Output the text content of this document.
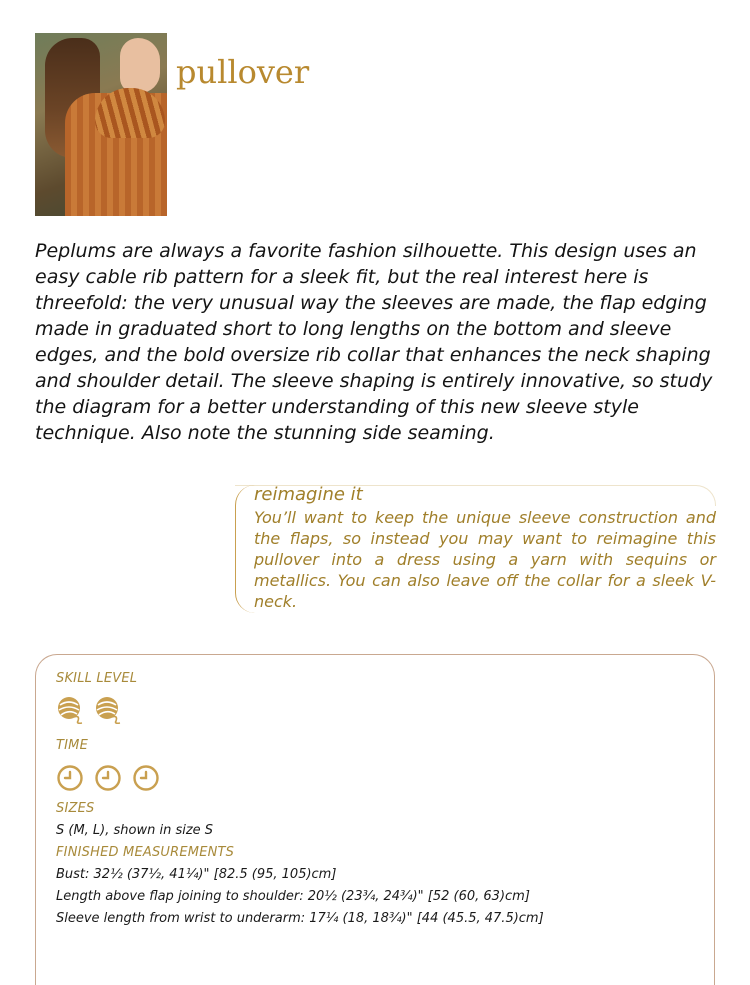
pullover

Peplums are always a favorite fashion silhouette. This design uses an easy cable rib pattern for a sleek fit, but the real interest here is threefold: the very unusual way the sleeves are made, the flap edging made in graduated short to long lengths on the bottom and sleeve edges, and the bold oversize rib collar that enhances the neck shaping and shoulder detail. The sleeve shaping is entirely innovative, so study the diagram for a better understanding of this new sleeve style technique. Also note the stunning side seaming.

reimagine it

You’ll want to keep the unique sleeve construction and the flaps, so instead you may want to reimagine this pullover into a dress using a yarn with sequins or metallics. You can also leave off the collar for a sleek V-neck.

SKILL LEVEL
TIME
SIZES
S (M, L), shown in size S
FINISHED MEASUREMENTS
Bust: 32½ (37½, 41¼)" [82.5 (95, 105)cm]
Length above flap joining to shoulder: 20½ (23¾, 24¾)" [52 (60, 63)cm]
Sleeve length from wrist to underarm: 17¼ (18, 18¾)" [44 (45.5, 47.5)cm]
